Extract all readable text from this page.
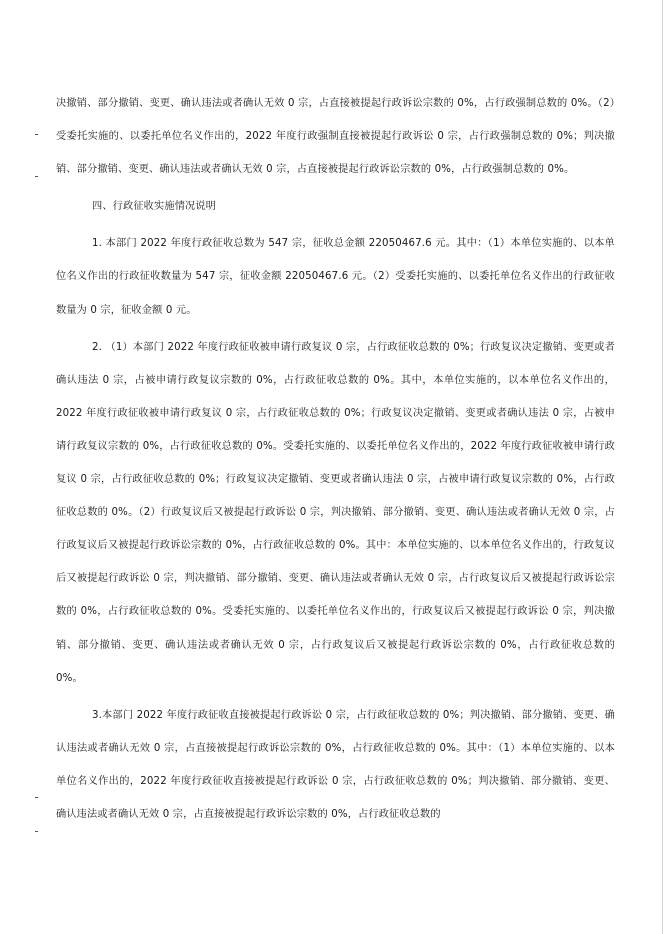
决撤销、部分撤销、变更、确认违法或者确认无效 0 宗，占直接被提起行政诉讼宗数的 0%，占行政强制总数的 0%。（2）受委托实施的、以委托单位名义作出的，2022 年度行政强制直接被提起行政诉讼 0 宗，占行政强制总数的 0%；判决撤销、部分撤销、变更、确认违法或者确认无效 0 宗，占直接被提起行政诉讼宗数的 0%，占行政强制总数的 0%。

四、行政征收实施情况说明

1. 本部门 2022 年度行政征收总数为 547 宗，征收总金额 22050467.6 元。其中：（1）本单位实施的、以本单位名义作出的行政征收数量为 547 宗，征收金额 22050467.6 元。（2）受委托实施的、以委托单位名义作出的行政征收数量为 0 宗，征收金额 0 元。

2. （1）本部门 2022 年度行政征收被申请行政复议 0 宗，占行政征收总数的 0%；行政复议决定撤销、变更或者确认违法 0 宗，占被申请行政复议宗数的 0%，占行政征收总数的 0%。其中，本单位实施的，以本单位名义作出的，2022 年度行政征收被申请行政复议 0 宗，占行政征收总数的 0%；行政复议决定撤销、变更或者确认违法 0 宗，占被申请行政复议宗数的 0%，占行政征收总数的 0%。受委托实施的、以委托单位名义作出的，2022 年度行政征收被申请行政复议 0 宗，占行政征收总数的 0%；行政复议决定撤销、变更或者确认违法 0 宗，占被申请行政复议宗数的 0%，占行政征收总数的 0%。（2）行政复议后又被提起行政诉讼 0 宗，判决撤销、部分撤销、变更、确认违法或者确认无效 0 宗，占行政复议后又被提起行政诉讼宗数的 0%，占行政征收总数的 0%。其中：本单位实施的、以本单位名义作出的，行政复议后又被提起行政诉讼 0 宗，判决撤销、部分撤销、变更、确认违法或者确认无效 0 宗，占行政复议后又被提起行政诉讼宗数的 0%，占行政征收总数的 0%。受委托实施的、以委托单位名义作出的，行政复议后又被提起行政诉讼 0 宗，判决撤销、部分撤销、变更、确认违法或者确认无效 0 宗，占行政复议后又被提起行政诉讼宗数的 0%，占行政征收总数的 0%。

3.本部门 2022 年度行政征收直接被提起行政诉讼 0 宗，占行政征收总数的 0%；判决撤销、部分撤销、变更、确认违法或者确认无效 0 宗，占直接被提起行政诉讼宗数的 0%，占行政征收总数的 0%。其中：（1）本单位实施的、以本单位名义作出的，2022 年度行政征收直接被提起行政诉讼 0 宗，占行政征收总数的 0%；判决撤销、部分撤销、变更、确认违法或者确认无效 0 宗，占直接被提起行政诉讼宗数的 0%，占行政征收总数的
